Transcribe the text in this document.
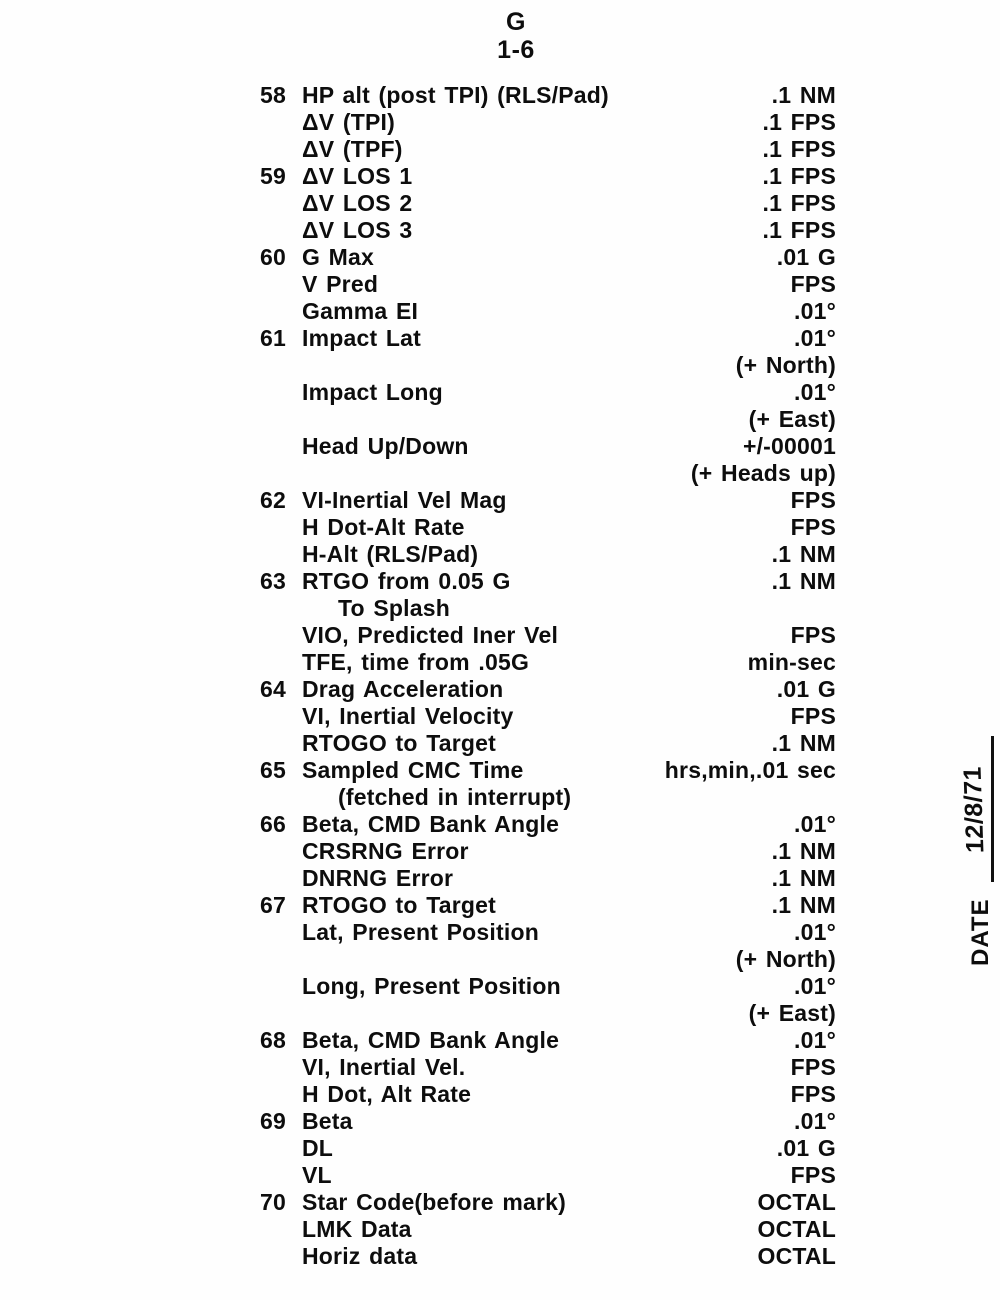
G
1-6
58 HP alt (post TPI) (RLS/Pad)	.1 NM
ΔV (TPI)	.1 FPS
ΔV (TPF)	.1 FPS
59 ΔV LOS 1	.1 FPS
ΔV LOS 2	.1 FPS
ΔV LOS 3	.1 FPS
60 G Max	.01 G
V Pred	FPS
Gamma EI	.01°
61 Impact Lat	.01°
(+ North)
Impact Long	.01°
(+ East)
Head Up/Down	+/-00001
(+ Heads up)
62 VI-Inertial Vel Mag	FPS
H Dot-Alt Rate	FPS
H-Alt (RLS/Pad)	.1 NM
63 RTGO from 0.05 G	.1 NM
To Splash
VIO, Predicted Iner Vel	FPS
TFE, time from .05G	min-sec
64 Drag Acceleration	.01 G
VI, Inertial Velocity	FPS
RTOGO to Target	.1 NM
65 Sampled CMC Time	hrs,min,.01 sec
(fetched in interrupt)
66 Beta, CMD Bank Angle	.01°
CRSRNG Error	.1 NM
DNRNG Error	.1 NM
67 RTOGO to Target	.1 NM
Lat, Present Position	.01°
(+ North)
Long, Present Position	.01°
(+ East)
68 Beta, CMD Bank Angle	.01°
VI, Inertial Vel.	FPS
H Dot, Alt Rate	FPS
69 Beta	.01°
DL	.01 G
VL	FPS
70 Star Code(before mark)	OCTAL
LMK Data	OCTAL
Horiz data	OCTAL
DATE
12/8/71
